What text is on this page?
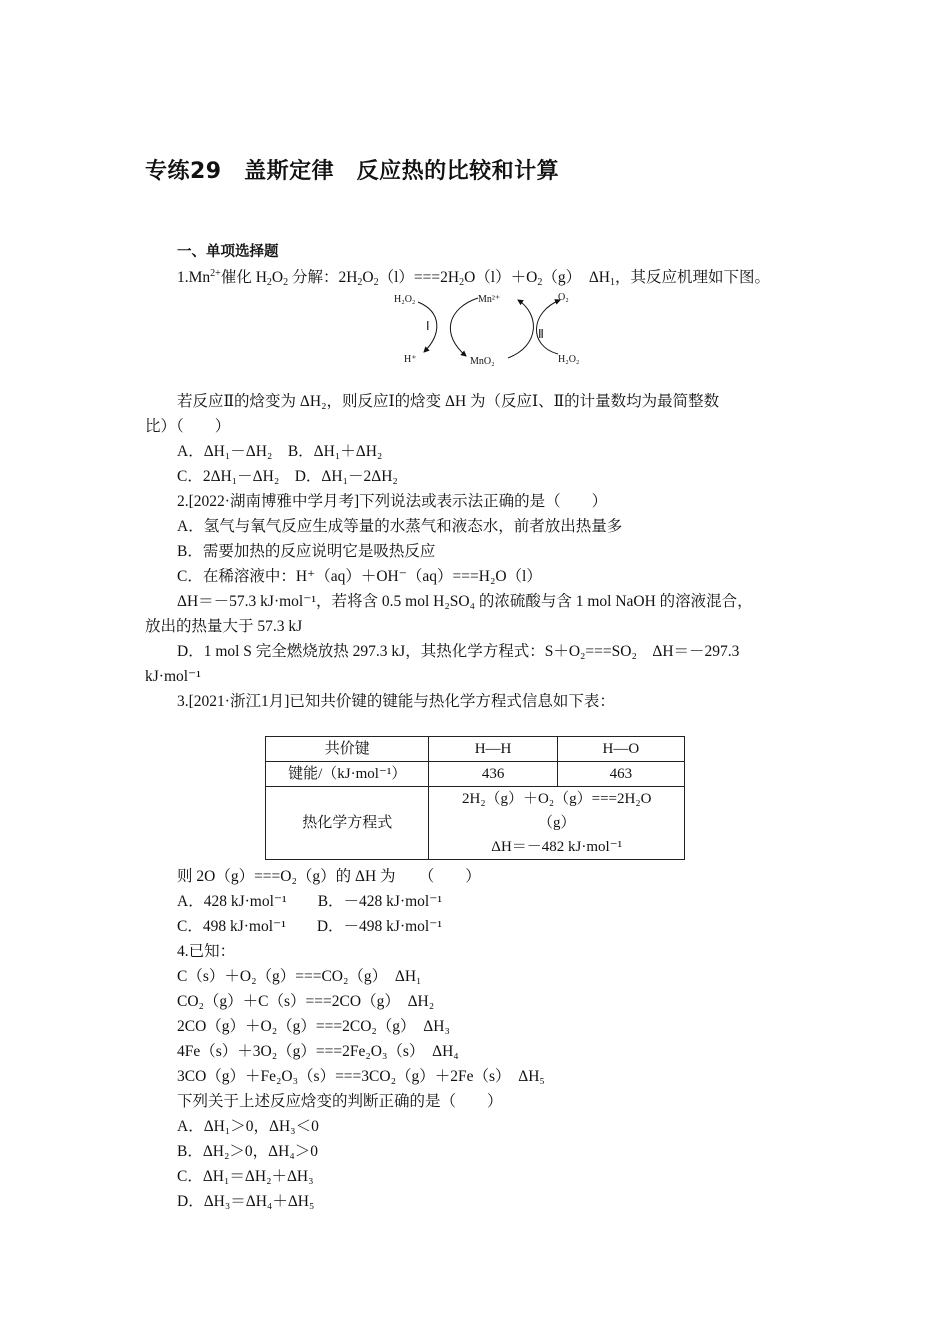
专练29　盖斯定律　反应热的比较和计算
一、单项选择题
$1.Mn^{2+}$催化 $H_2O_2$ 分解：$2H_2O_2(l)===2H_2O(l)+O_2(g)$　$\Delta H_1$，其反应机理如下图。
H₂O₂	Mn²⁺	O₂
Ⅰ
Ⅱ
H⁺	MnO₂	H₂O₂
若反应Ⅱ的焓变为 ΔH₂，则反应Ⅰ的焓变 ΔH 为（反应Ⅰ、Ⅱ的计量数均为最简整数
比）（　　）
A．ΔH₁－ΔH₂　B．ΔH₁＋ΔH₂
C．2ΔH₁－ΔH₂　D．ΔH₁－2ΔH₂
2.[2022·湖南博雅中学月考]下列说法或表示法正确的是（　　）
A．氢气与氧气反应生成等量的水蒸气和液态水，前者放出热量多
B．需要加热的反应说明它是吸热反应
C．在稀溶液中：H⁺（aq）＋OH⁻（aq）===H₂O（l）
ΔH＝－57.3 kJ·mol⁻¹，若将含 0.5 mol H₂SO₄ 的浓硫酸与含 1 mol NaOH 的溶液混合，
放出的热量大于 57.3 kJ
D．1 mol S 完全燃烧放热 297.3 kJ，其热化学方程式：S＋O₂===SO₂　ΔH＝－297.3
kJ·mol⁻¹
3.[2021·浙江1月]已知共价键的键能与热化学方程式信息如下表：
共价键	H—H	H—O
键能/（kJ·mol⁻¹）	436	463
热化学方程式	2H₂（g）＋O₂（g）===2H₂O
（g）
ΔH＝－482 kJ·mol⁻¹	
则 2O（g）===O₂（g）的 ΔH 为　　（　　）
A．428 kJ·mol⁻¹　　B．－428 kJ·mol⁻¹
C．498 kJ·mol⁻¹　　D．－498 kJ·mol⁻¹
4.已知：
C（s）＋O₂（g）===CO₂（g）　ΔH₁
CO₂（g）＋C（s）===2CO（g）　ΔH₂
2CO（g）＋O₂（g）===2CO₂（g）　ΔH₃
4Fe（s）＋3O₂（g）===2Fe₂O₃（s）　ΔH₄
3CO（g）＋Fe₂O₃（s）===3CO₂（g）＋2Fe（s）　ΔH₅
下列关于上述反应焓变的判断正确的是（　　）
A．ΔH₁＞0，ΔH₃＜0
B．ΔH₂＞0，ΔH₄＞0
C．ΔH₁＝ΔH₂＋ΔH₃
D．ΔH₃＝ΔH₄＋ΔH₅
